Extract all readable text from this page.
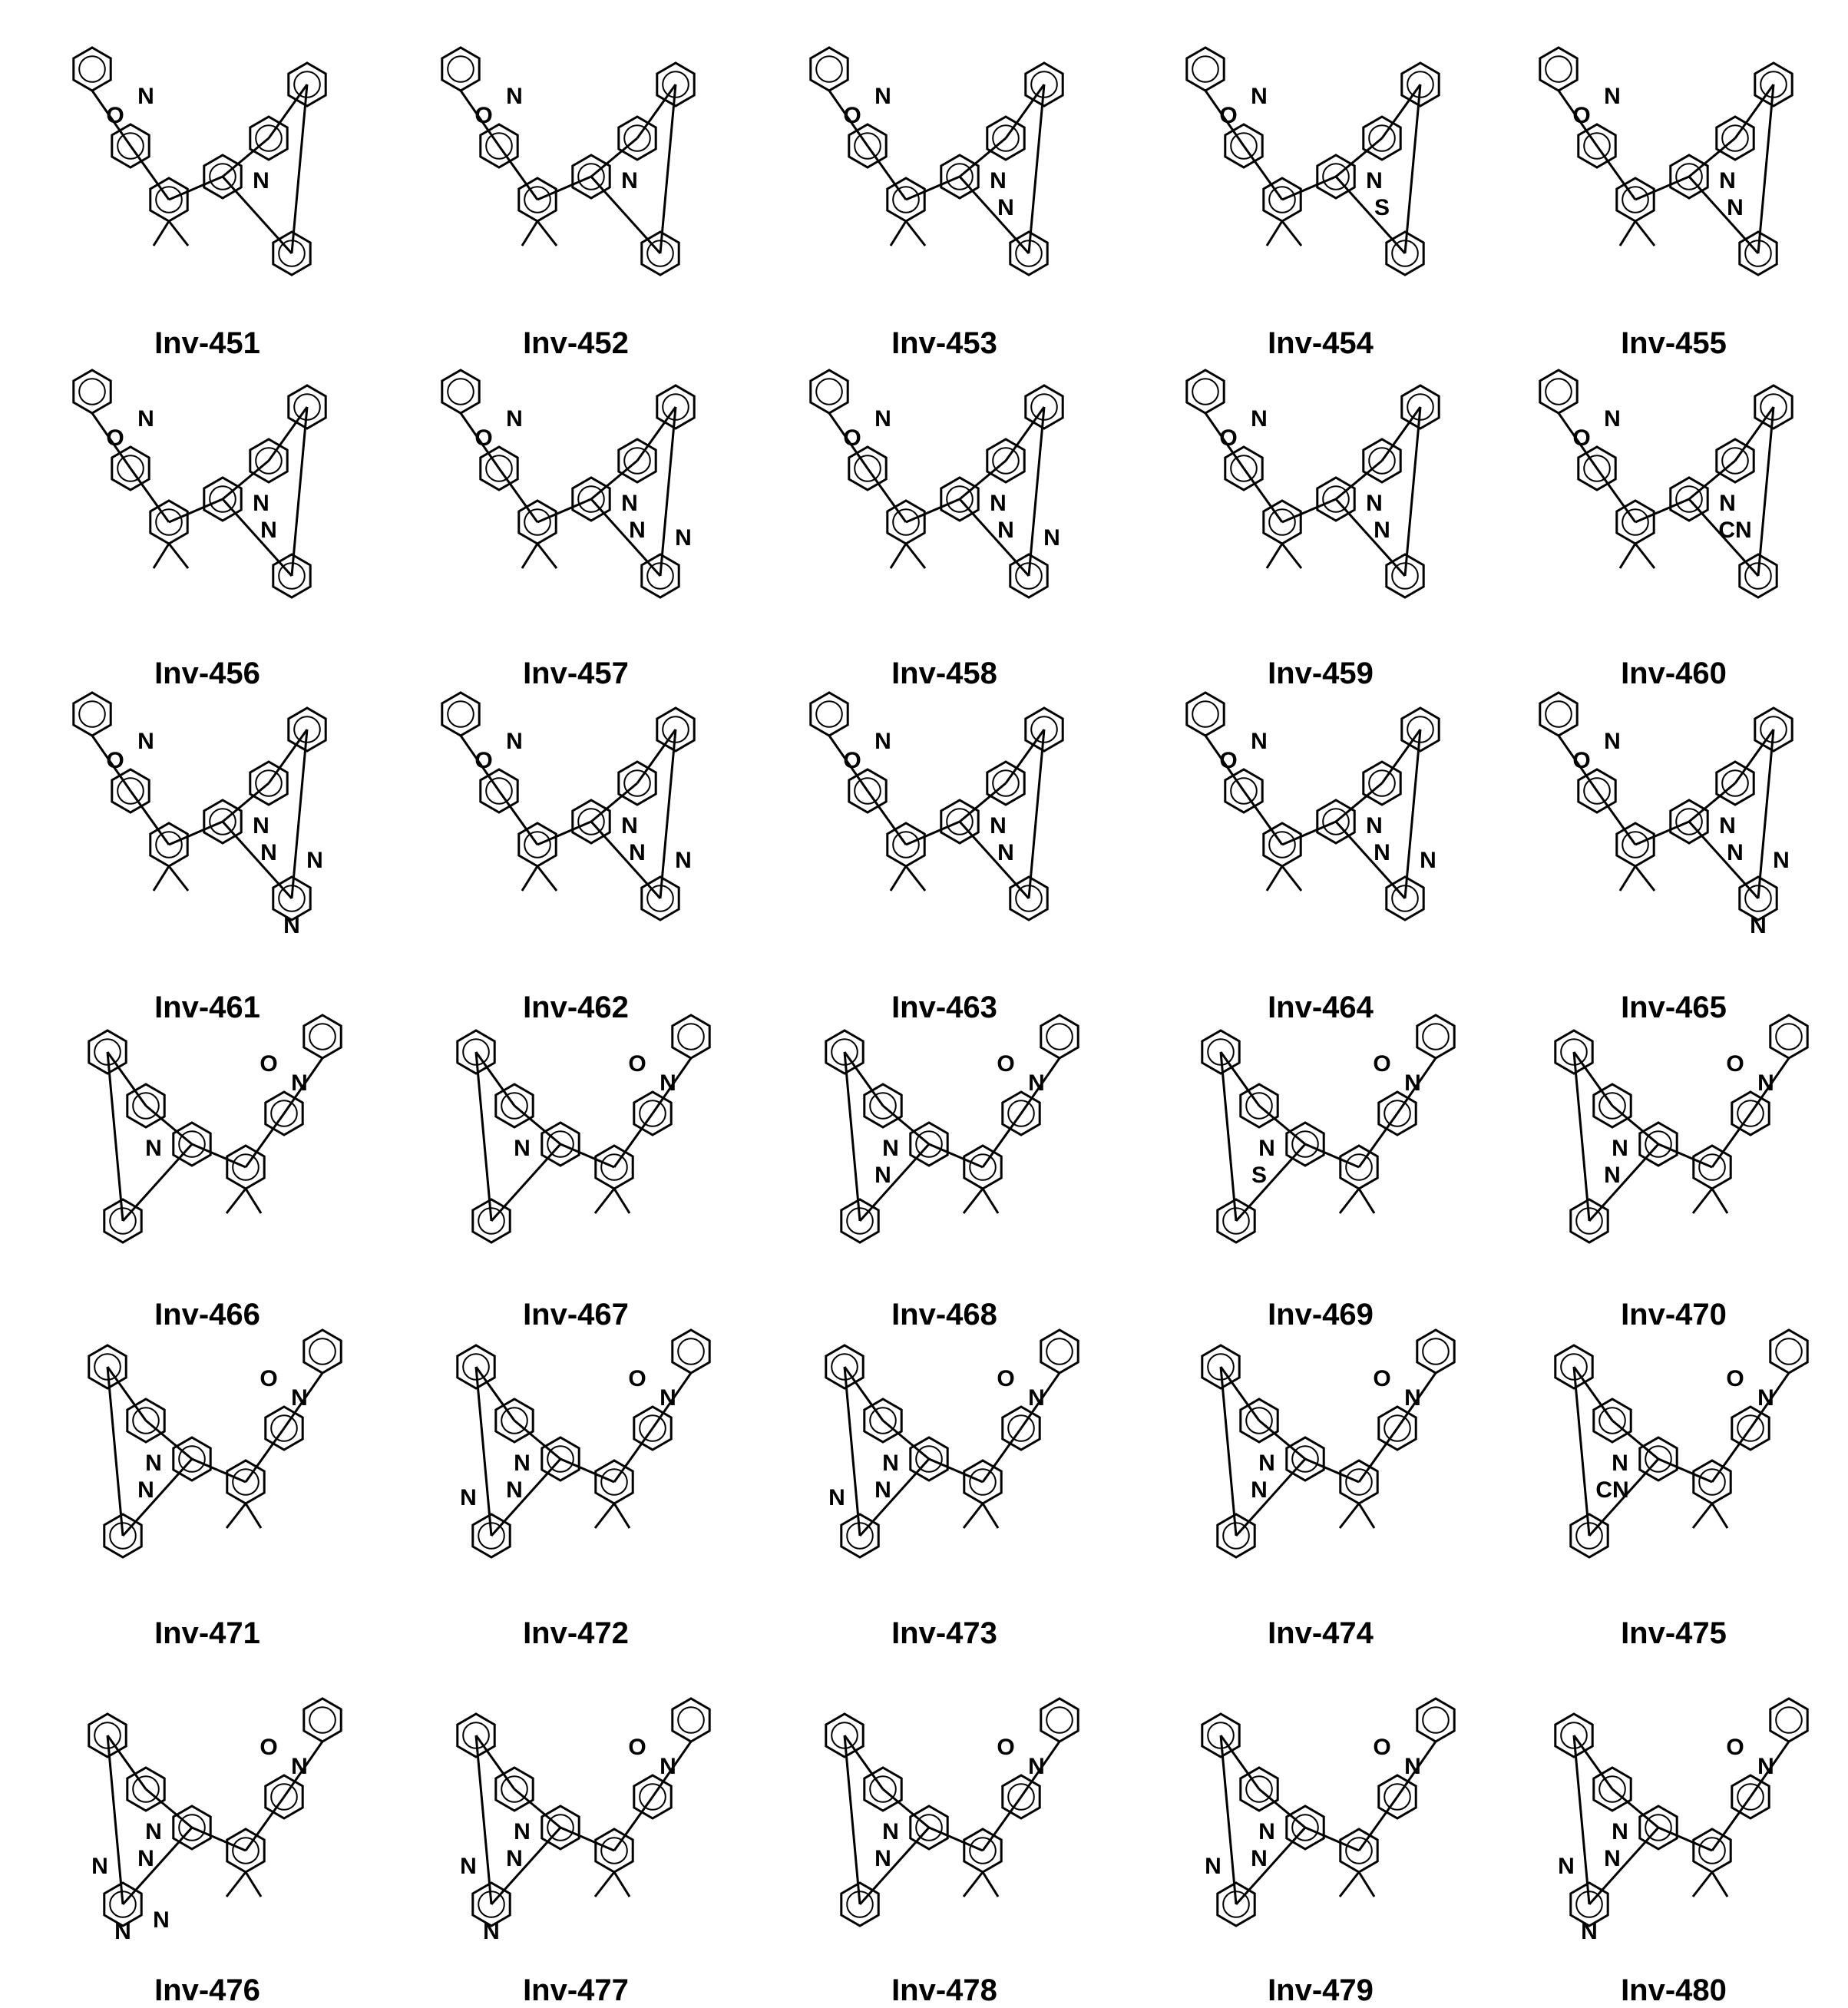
O
N
N
Inv-451
O
N
N
Inv-452
O
N
N
N
Inv-453
O
N
N
S
Inv-454
O
N
N
N
Inv-455
O
N
N
N
Inv-456
O
N
N
N N
Inv-457
O
N
N
N N
Inv-458
O
N
N
N
Inv-459
O
N
N
CN
Inv-460
O
N
N
N N
N
Inv-461
O
N
N
N N
Inv-462
O
N
N
N
Inv-463
O
N
N
N N
Inv-464
O
N
N
N N
N
Inv-465
N
O
N
Inv-466
N
O
N
Inv-467
N
O
N
N
Inv-468
N
O
N
S
Inv-469
N
O
N
N
Inv-470
N
O
N
N
Inv-471
N
O
N
N
N
Inv-472
N
O
N
N
N
Inv-473
N
O
N
N
Inv-474
N
O
N
CN
Inv-475
N
O
N
N
N
N N
Inv-476
N
O
N
N
N
N
Inv-477
N
O
N
N
Inv-478
N
O
N
N
N
Inv-479
N
O
N
N
N
N
Inv-480
